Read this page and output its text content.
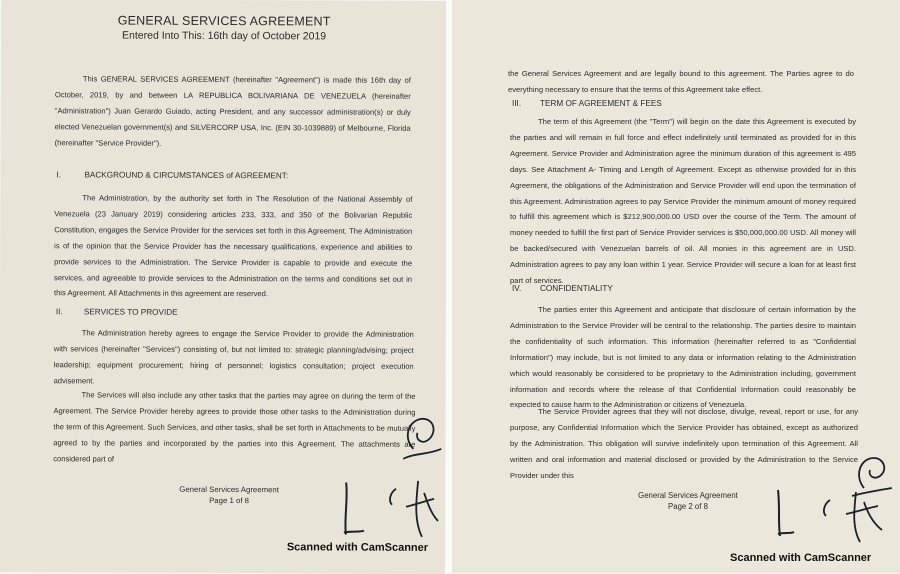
GENERAL SERVICES AGREEMENT
Entered Into This: 16th day of October 2019
This GENERAL SERVICES AGREEMENT (hereinafter "Agreement") is made this 16th day of October, 2019, by and between LA REPUBLICA BOLIVARIANA DE VENEZUELA (hereinafter "Administration") Juan Gerardo Guiado, acting President, and any successor administration(s) or duly elected Venezuelan government(s) and SILVERCORP USA, Inc. (EIN 30-1039889) of Melbourne, Florida (hereinafter "Service Provider").
I.	BACKGROUND & CIRCUMSTANCES of AGREEMENT:
The Administration, by the authority set forth in The Resolution of the National Assembly of Venezuela (23 January 2019) considering articles 233, 333, and 350 of the Bolivarian Republic Constitution, engages the Service Provider for the services set forth in this Agreement. The Administration is of the opinion that the Service Provider has the necessary qualifications, experience and abilities to provide services to the Administration. The Service Provider is capable to provide and execute the services, and agreeable to provide services to the Administration on the terms and conditions set out in this Agreement. All Attachments in this agreement are reserved.
II.	SERVICES TO PROVIDE
The Administration hereby agrees to engage the Service Provider to provide the Administration with services (hereinafter "Services") consisting of, but not limited to: strategic planning/advising; project leadership; equipment procurement; hiring of personnel; logistics consultation; project execution advisement.
The Services will also include any other tasks that the parties may agree on during the term of the Agreement. The Service Provider hereby agrees to provide those other tasks to the Administration during the term of this Agreement. Such Services, and other tasks, shall be set forth in Attachments to be mutually agreed to by the parties and incorporated by the parties into this Agreement. The attachments are considered part of
General Services Agreement
Page 1 of 8
Scanned with CamScanner
the General Services Agreement and are legally bound to this agreement. The Parties agree to do everything necessary to ensure that the terms of this Agreement take effect.
III. TERM OF AGREEMENT & FEES
The term of this Agreement (the "Term") will begin on the date this Agreement is executed by the parties and will remain in full force and effect indefinitely until terminated as provided for in this Agreement. Service Provider and Administration agree the minimum duration of this agreement is 495 days. See Attachment A- Timing and Length of Agreement. Except as otherwise provided for in this Agreement, the obligations of the Administration and Service Provider will end upon the termination of this Agreement. Administration agrees to pay Service Provider the minimum amount of money required to fulfill this agreement which is $212,900,000.00 USD over the course of the Term. The amount of money needed to fulfill the first part of Service Provider services is $50,000,000.00 USD. All money will be backed/secured with Venezuelan barrels of oil. All monies in this agreement are in USD. Administration agrees to pay any loan within 1 year. Service Provider will secure a loan for at least first part of services.
IV. CONFIDENTIALITY
The parties enter this Agreement and anticipate that disclosure of certain information by the Administration to the Service Provider will be central to the relationship. The parties desire to maintain the confidentiality of such information. This information (hereinafter referred to as "Confidential Information") may include, but is not limited to any data or information relating to the Administration which would reasonably be considered to be proprietary to the Administration including, government information and records where the release of that Confidential Information could reasonably be expected to cause harm to the Administration or citizens of Venezuela.
The Service Provider agrees that they will not disclose, divulge, reveal, report or use, for any purpose, any Confidential Information which the Service Provider has obtained, except as authorized by the Administration. This obligation will survive indefinitely upon termination of this Agreement. All written and oral information and material disclosed or provided by the Administration to the Service Provider under this
General Services Agreement
Page 2 of 8
Scanned with CamScanner
